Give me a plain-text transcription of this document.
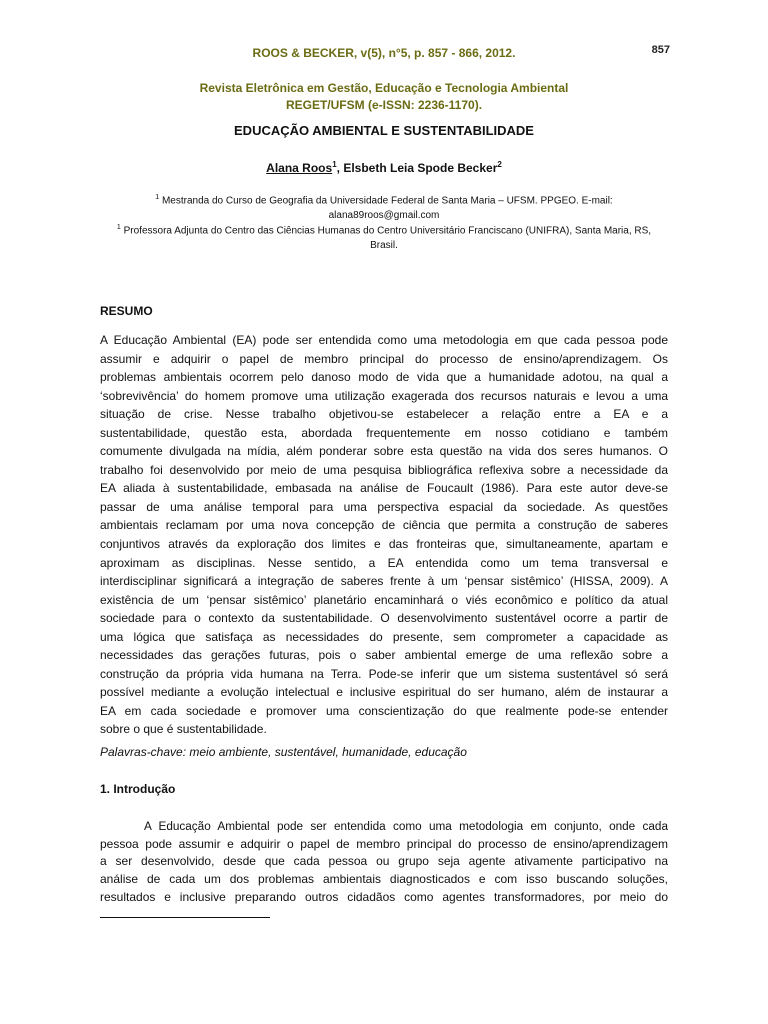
857
ROOS & BECKER, v(5), n°5, p. 857 - 866, 2012.
Revista Eletrônica em Gestão, Educação e Tecnologia Ambiental
REGET/UFSM (e-ISSN: 2236-1170).
EDUCAÇÃO AMBIENTAL E SUSTENTABILIDADE
Alana Roos$^1$, Elsbeth Leia Spode Becker$^2$
$^1$ Mestranda do Curso de Geografia da Universidade Federal de Santa Maria – UFSM. PPGEO. E-mail:
alana89roos@gmail.com
$^1$ Professora Adjunta do Centro das Ciências Humanas do Centro Universitário Franciscano (UNIFRA), Santa Maria, RS,
Brasil.
RESUMO
A Educação Ambiental (EA) pode ser entendida como uma metodologia em que cada pessoa pode
assumir e adquirir o papel de membro principal do processo de ensino/aprendizagem. Os
problemas ambientais ocorrem pelo danoso modo de vida que a humanidade adotou, na qual a
‘sobrevivência’ do homem promove uma utilização exagerada dos recursos naturais e levou a uma
situação de crise. Nesse trabalho objetivou-se estabelecer a relação entre a EA e a
sustentabilidade, questão esta, abordada frequentemente em nosso cotidiano e também
comumente divulgada na mídia, além ponderar sobre esta questão na vida dos seres humanos. O
trabalho foi desenvolvido por meio de uma pesquisa bibliográfica reflexiva sobre a necessidade da
EA aliada à sustentabilidade, embasada na análise de Foucault (1986). Para este autor deve-se
passar de uma análise temporal para uma perspectiva espacial da sociedade. As questões
ambientais reclamam por uma nova concepção de ciência que permita a construção de saberes
conjuntivos através da exploração dos limites e das fronteiras que, simultaneamente, apartam e
aproximam as disciplinas. Nesse sentido, a EA entendida como um tema transversal e
interdisciplinar significará a integração de saberes frente à um ‘pensar sistêmico’ (HISSA, 2009). A
existência de um ‘pensar sistêmico’ planetário encaminhará o viés econômico e político da atual
sociedade para o contexto da sustentabilidade. O desenvolvimento sustentável ocorre a partir de
uma lógica que satisfaça as necessidades do presente, sem comprometer a capacidade as
necessidades das gerações futuras, pois o saber ambiental emerge de uma reflexão sobre a
construção da própria vida humana na Terra. Pode-se inferir que um sistema sustentável só será
possível mediante a evolução intelectual e inclusive espiritual do ser humano, além de instaurar a
EA em cada sociedade e promover uma conscientização do que realmente pode-se entender
sobre o que é sustentabilidade.
Palavras-chave: meio ambiente, sustentável, humanidade, educação
1. Introdução
A Educação Ambiental pode ser entendida como uma metodologia em conjunto, onde cada
pessoa pode assumir e adquirir o papel de membro principal do processo de ensino/aprendizagem
a ser desenvolvido, desde que cada pessoa ou grupo seja agente ativamente participativo na
análise de cada um dos problemas ambientais diagnosticados e com isso buscando soluções,
resultados e inclusive preparando outros cidadãos como agentes transformadores, por meio do
